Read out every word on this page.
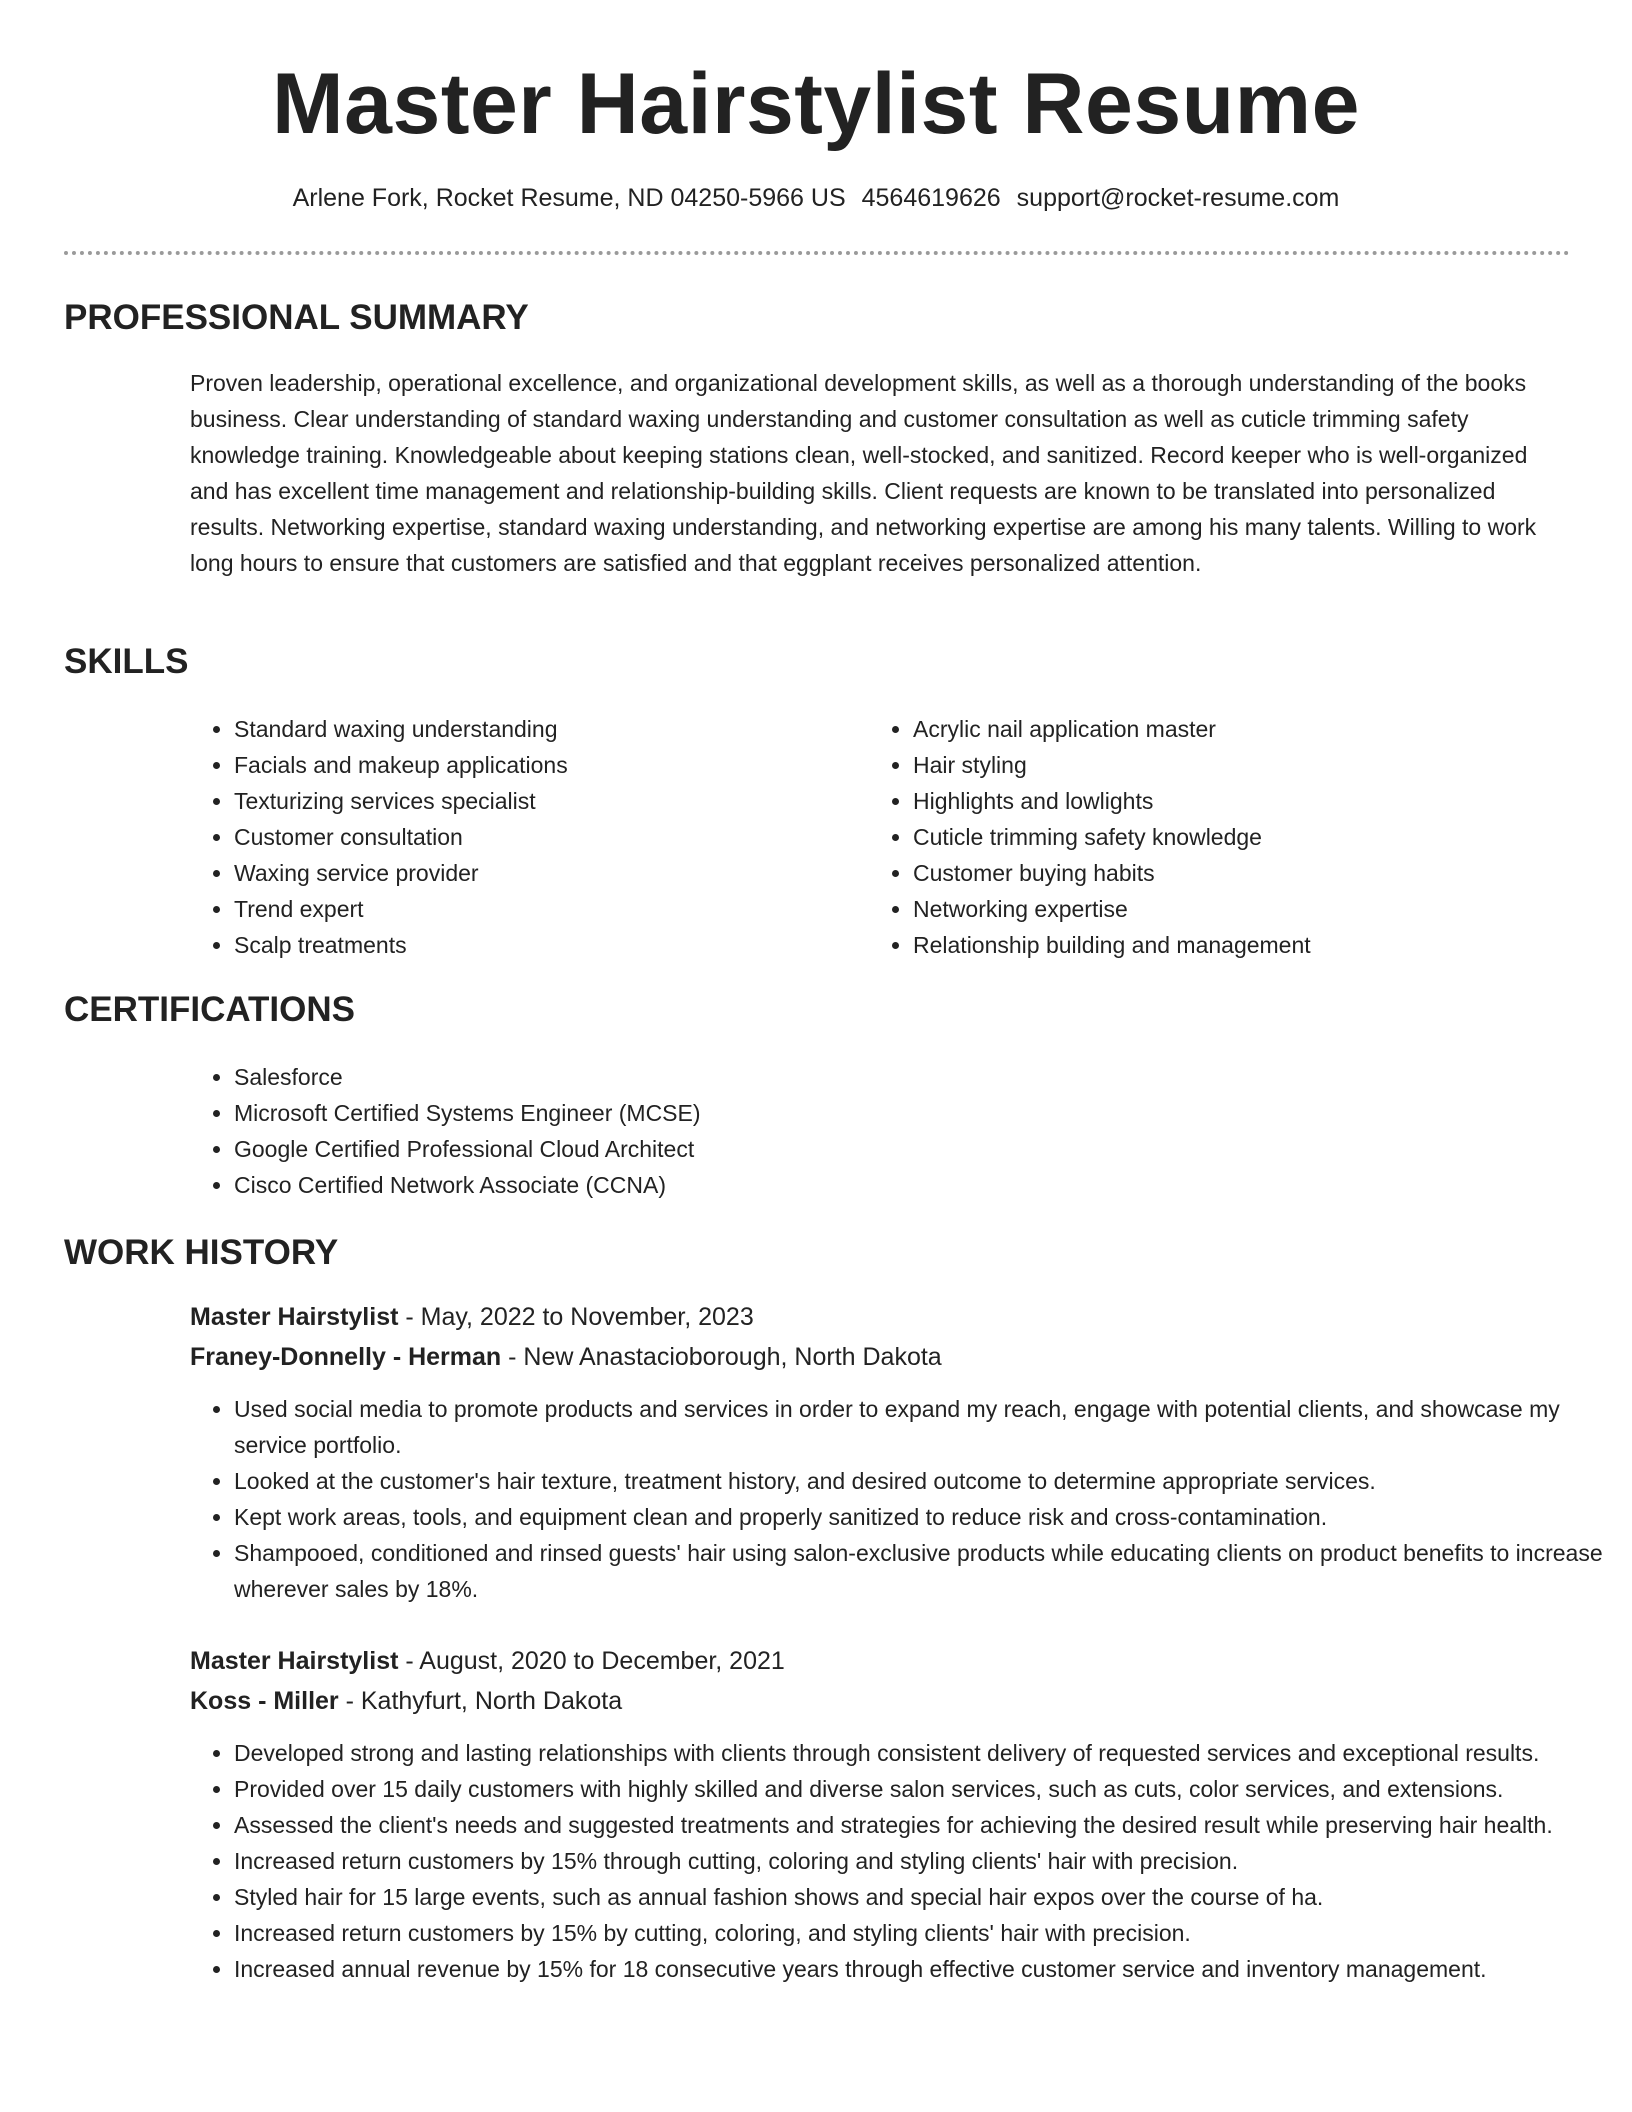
Master Hairstylist Resume
Arlene Fork, Rocket Resume, ND 04250-5966 US 4564619626 support@rocket-resume.com
PROFESSIONAL SUMMARY

Proven leadership, operational excellence, and organizational development skills, as well as a thorough understanding of the books business. Clear understanding of standard waxing understanding and customer consultation as well as cuticle trimming safety knowledge training. Knowledgeable about keeping stations clean, well-stocked, and sanitized. Record keeper who is well-organized and has excellent time management and relationship-building skills. Client requests are known to be translated into personalized results. Networking expertise, standard waxing understanding, and networking expertise are among his many talents. Willing to work long hours to ensure that customers are satisfied and that eggplant receives personalized attention.

SKILLS
• Standard waxing understanding
• Facials and makeup applications
• Texturizing services specialist
• Customer consultation
• Waxing service provider
• Trend expert
• Scalp treatments
• Acrylic nail application master
• Hair styling
• Highlights and lowlights
• Cuticle trimming safety knowledge
• Customer buying habits
• Networking expertise
• Relationship building and management
CERTIFICATIONS
• Salesforce
• Microsoft Certified Systems Engineer (MCSE)
• Google Certified Professional Cloud Architect
• Cisco Certified Network Associate (CCNA)
WORK HISTORY
Master Hairstylist - May, 2022 to November, 2023
Franey-Donnelly - Herman - New Anastacioborough, North Dakota
• Used social media to promote products and services in order to expand my reach, engage with potential clients, and showcase my service portfolio.
• Looked at the customer's hair texture, treatment history, and desired outcome to determine appropriate services.
• Kept work areas, tools, and equipment clean and properly sanitized to reduce risk and cross-contamination.
• Shampooed, conditioned and rinsed guests' hair using salon-exclusive products while educating clients on product benefits to increase wherever sales by 18%.
Master Hairstylist - August, 2020 to December, 2021
Koss - Miller - Kathyfurt, North Dakota
• Developed strong and lasting relationships with clients through consistent delivery of requested services and exceptional results.
• Provided over 15 daily customers with highly skilled and diverse salon services, such as cuts, color services, and extensions.
• Assessed the client's needs and suggested treatments and strategies for achieving the desired result while preserving hair health.
• Increased return customers by 15% through cutting, coloring and styling clients' hair with precision.
• Styled hair for 15 large events, such as annual fashion shows and special hair expos over the course of ha.
• Increased return customers by 15% by cutting, coloring, and styling clients' hair with precision.
• Increased annual revenue by 15% for 18 consecutive years through effective customer service and inventory management.
